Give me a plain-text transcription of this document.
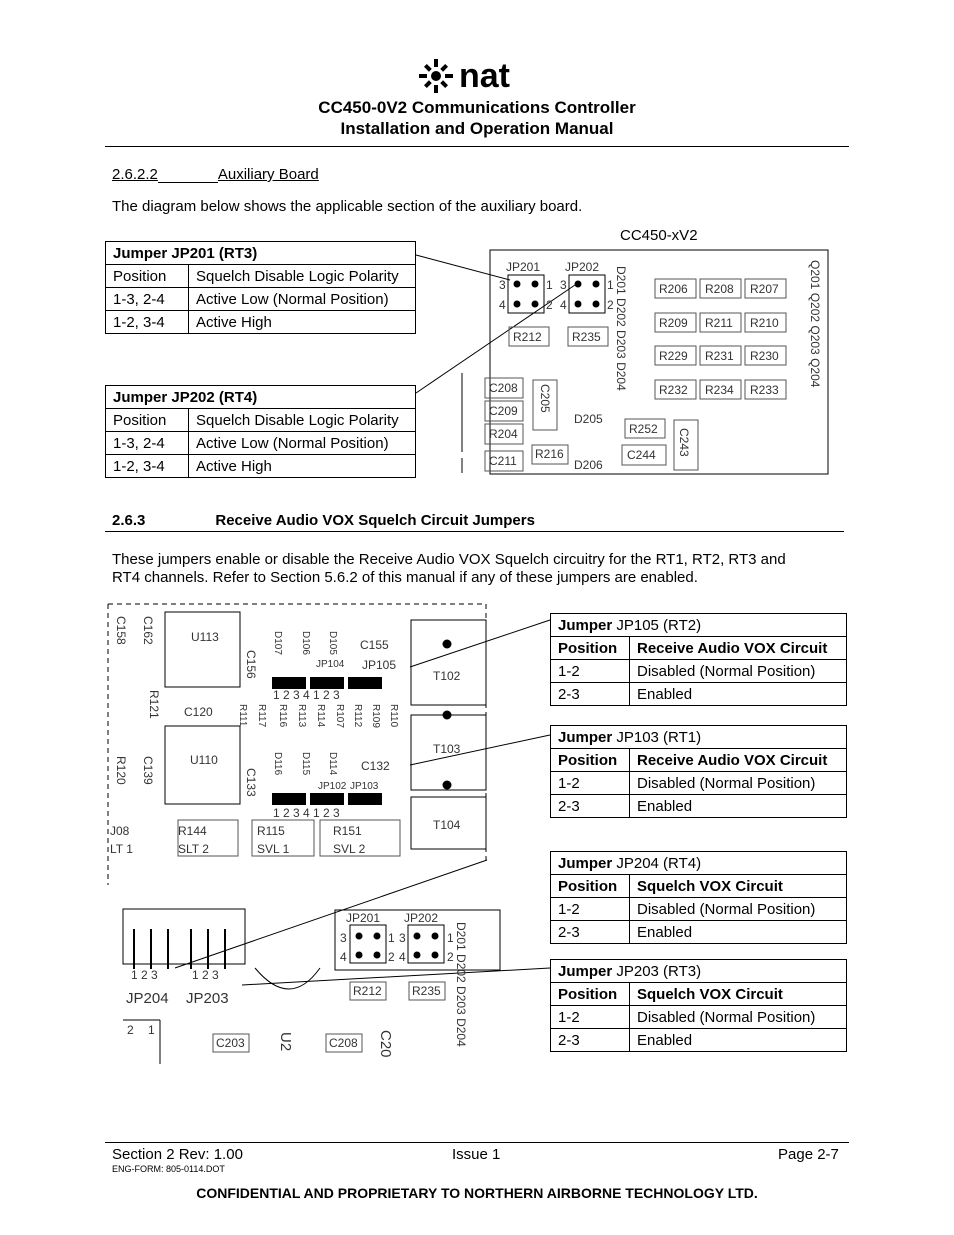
nat
CC450-0V2 Communications Controller
Installation and Operation Manual
2.6.2.2	Auxiliary Board
The diagram below shows the applicable section of the auxiliary board.
CC450-xV2
Jumper JP201 (RT3)	
Position	Squelch Disable Logic Polarity
1-3, 2-4	Active Low (Normal Position)
1-2, 3-4	Active High
Jumper JP202 (RT4)	
Position	Squelch Disable Logic Polarity
1-3, 2-4	Active Low (Normal Position)
1-2, 3-4	Active High
JP201 JP202
3	1
4	2
3	1
4	2
R206 R208 R207
R209 R211 R210
R229 R231 R230
R232 R234 R233
R212	R235
C208
C209
R204
C211 R216
D205
D206
R252
C244
C205
C243
D201 D202 D203 D204	Q201 Q202 Q203 Q204
2.6.3	Receive Audio VOX Squelch Circuit Jumpers
These jumpers enable or disable the Receive Audio VOX Squelch circuitry for the RT1, RT2, RT3 and
RT4 channels. Refer to Section 5.6.2 of this manual if any of these jumpers are enabled.
U113
U110
C120
C155
C132
T102
T103
T104
JP104 JP105
JP102 JP103
1 2 3 4 1 2 3
1 2 3 4 1 2 3
J08
LT 1
R144
SLT 2
R115
SVL 1
R151
SVL 2
C158 C162
R121
R120 C139
C156
C133
D107 D106 D105
D116 D115 D114
R111 R117 R116 R113 R114 R107 R112 R109 R110
JP201 JP202
3	1
4	2
3	1
4	2
1 2 3	1 2 3
JP204 JP203	R212	R235
C203	C208
U2	C20	D201 D202 D203 D204
2 1
Jumper JP105 (RT2)	
Position	Receive Audio VOX Circuit
1-2	Disabled (Normal Position)
2-3	Enabled
Jumper JP103 (RT1)	
Position	Receive Audio VOX Circuit
1-2	Disabled (Normal Position)
2-3	Enabled
Jumper JP204 (RT4)	
Position	Squelch VOX Circuit
1-2	Disabled (Normal Position)
2-3	Enabled
Jumper JP203 (RT3)	
Position	Squelch VOX Circuit
1-2	Disabled (Normal Position)
2-3	Enabled
Section 2 Rev: 1.00
ENG-FORM: 805-0114.DOT
Issue 1	Page 2-7
CONFIDENTIAL AND PROPRIETARY TO NORTHERN AIRBORNE TECHNOLOGY LTD.
